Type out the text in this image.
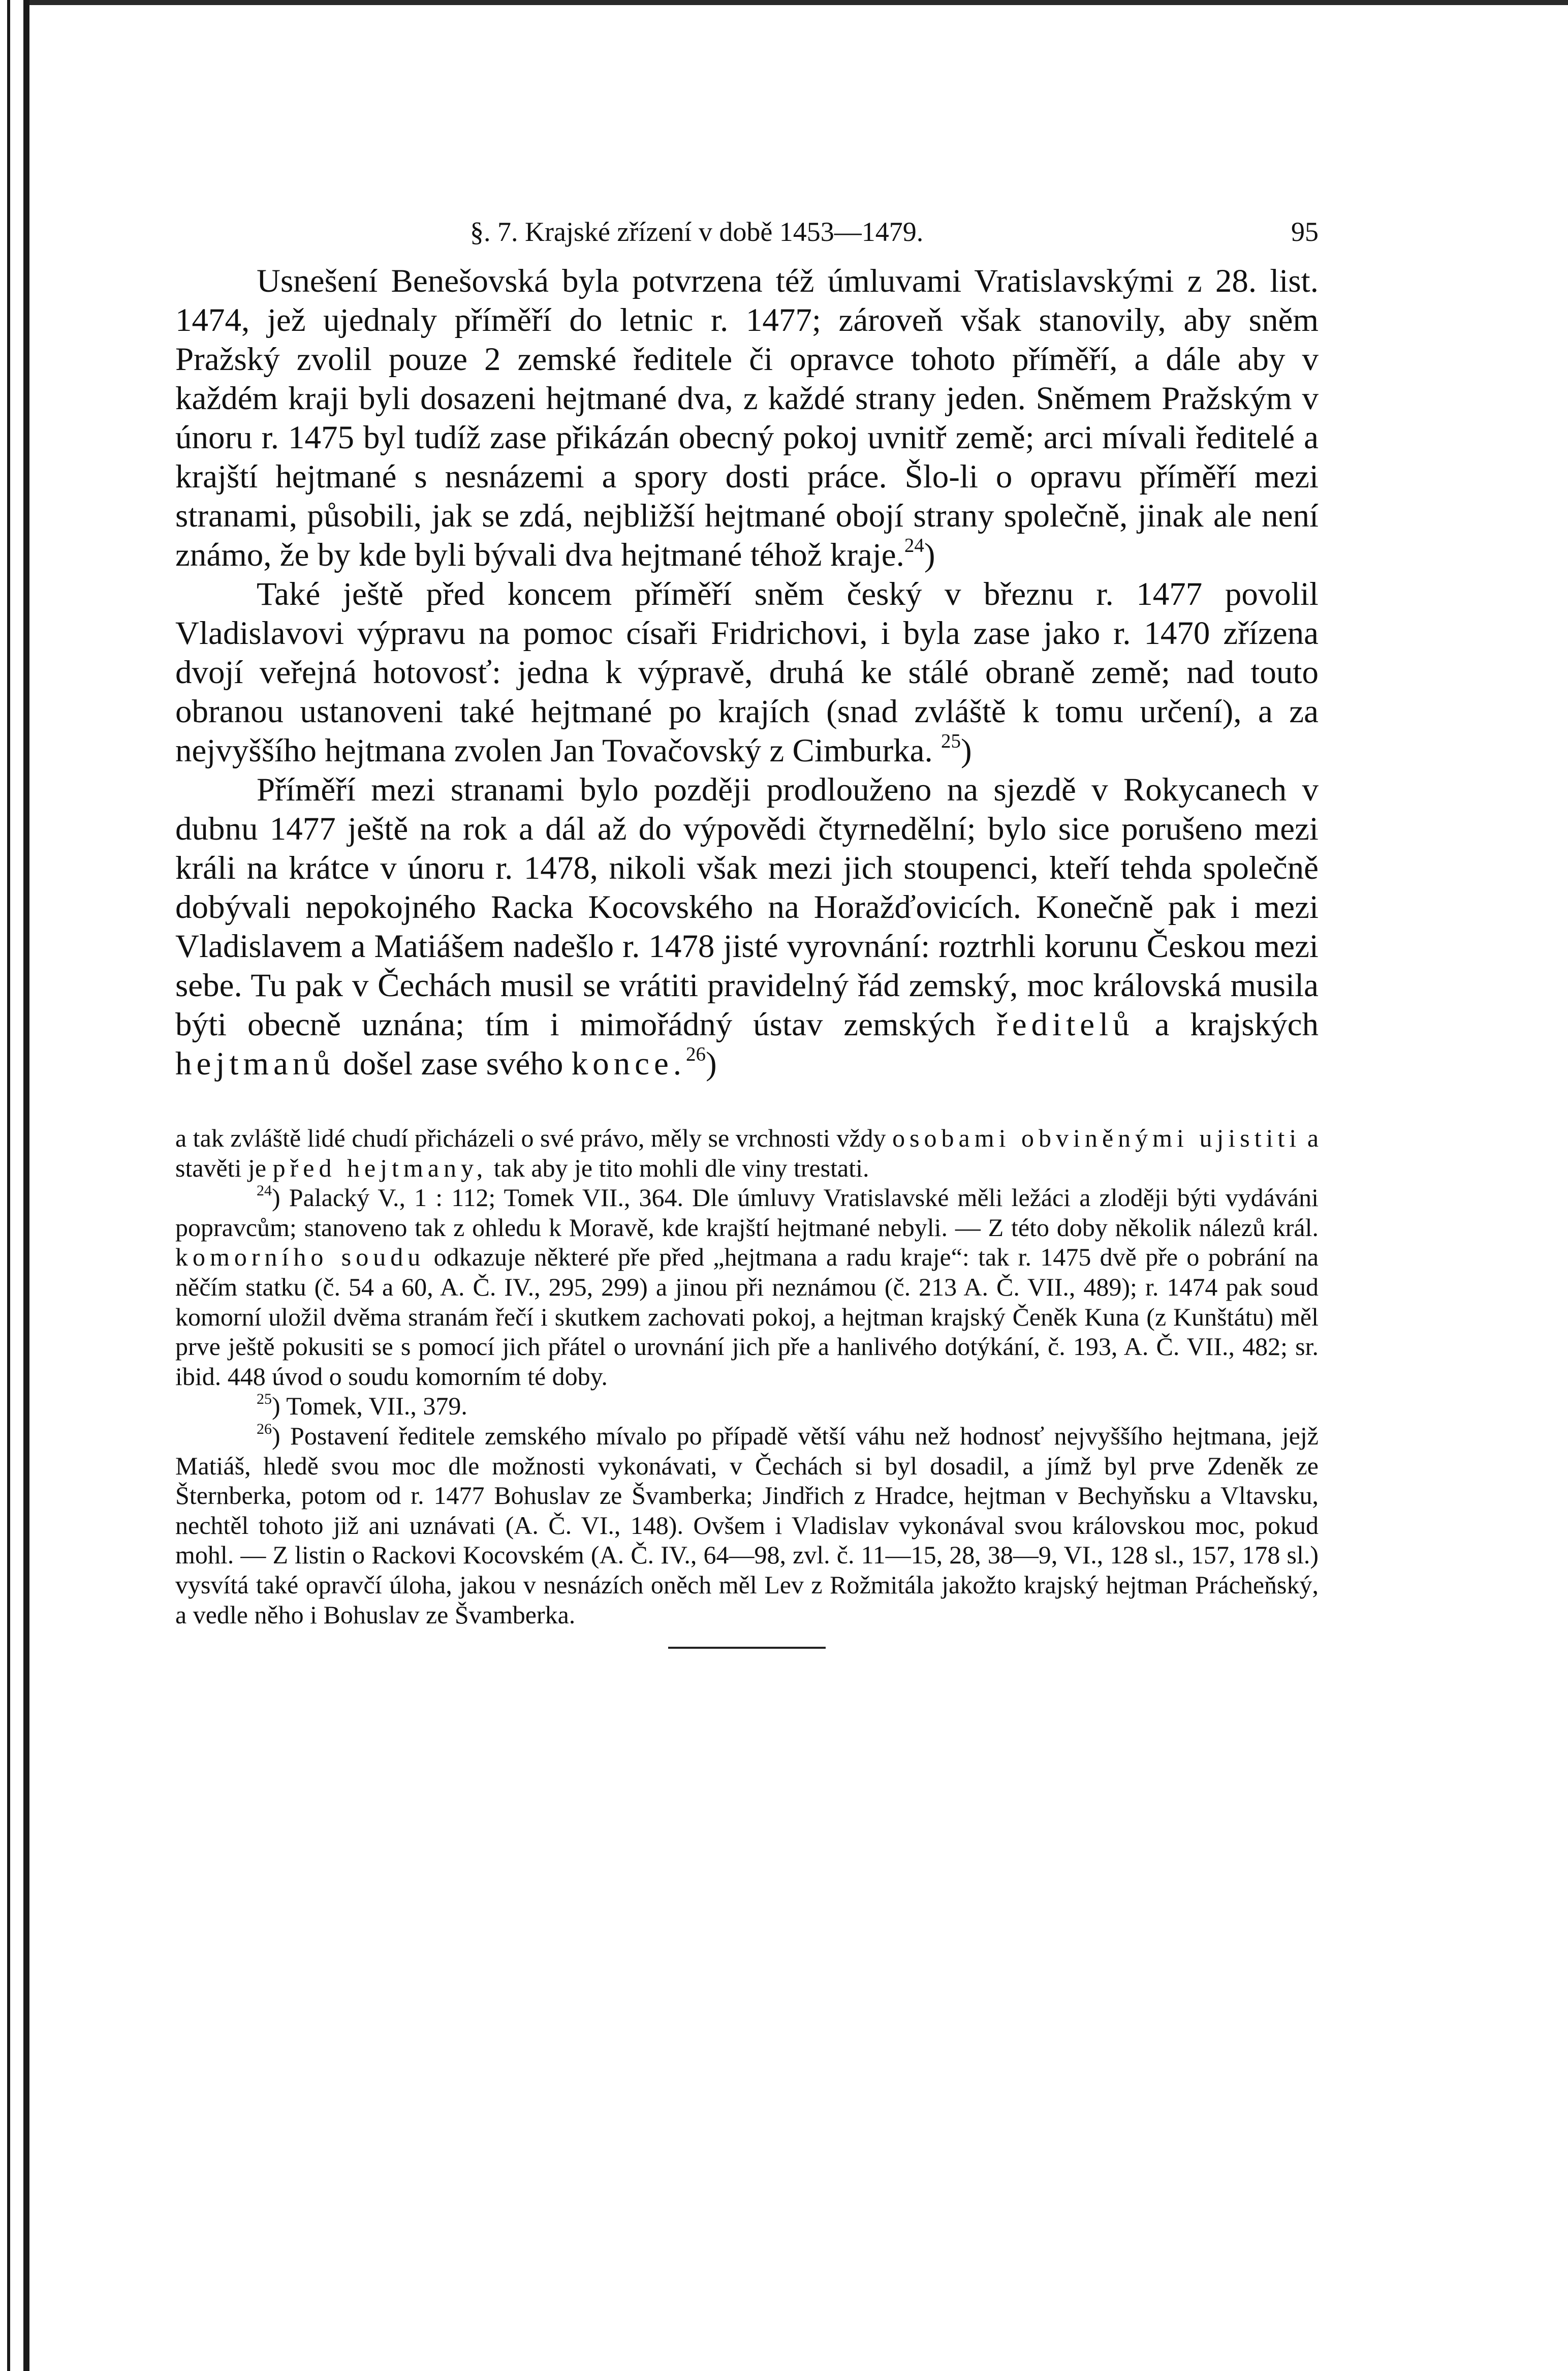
§. 7. Krajské zřízení v době 1453—1479.	95

Usnešení Benešovská byla potvrzena též úmluvami Vratislavskými z 28. list. 1474, jež ujednaly příměří do letnic r. 1477; zároveň však stanovily, aby sněm Pražský zvolil pouze 2 zemské ředitele či opravce tohoto příměří, a dále aby v každém kraji byli dosazeni hejtmané dva, z každé strany jeden. Sněmem Pražským v únoru r. 1475 byl tudíž zase přikázán obecný pokoj uvnitř země; arci mívali ředitelé a krajští hejtmané s nesnázemi a spory dosti práce. Šlo-li o opravu příměří mezi stranami, působili, jak se zdá, nejbližší hejtmané obojí strany společně, jinak ale není známo, že by kde byli bývali dva hejtmané téhož kraje.$^{24}$)

Také ještě před koncem příměří sněm český v březnu r. 1477 povolil Vladislavovi výpravu na pomoc císaři Fridrichovi, i byla zase jako r. 1470 zřízena dvojí veřejná hotovosť: jedna k výpravě, druhá ke stálé obraně země; nad touto obranou ustanoveni také hejtmané po krajích (snad zvláště k tomu určení), a za nejvyššího hejtmana zvolen Jan Tovačovský z Cimburka. $^{25}$)

Příměří mezi stranami bylo později prodlouženo na sjezdě v Rokycanech v dubnu 1477 ještě na rok a dál až do výpovědi čtyrnedělní; bylo sice porušeno mezi králi na krátce v únoru r. 1478, nikoli však mezi jich stoupenci, kteří tehda společně dobývali nepokojného Racka Kocovského na Horažďovicích. Konečně pak i mezi Vladislavem a Matiášem nadešlo r. 1478 jisté vyrovnání: roztrhli korunu Českou mezi sebe. Tu pak v Čechách musil se vrátiti pravidelný řád zemský, moc královská musila býti obecně uznána; tím i mimořádný ústav zemských ředitelů a krajských hejtmanů došel zase svého konce.$^{26}$)

a tak zvláště lidé chudí přicházeli o své právo, měly se vrchnosti vždy osobami obviněnými ujistiti a stavěti je před hejtmany, tak aby je tito mohli dle viny trestati.

$^{24}$) Palacký V., 1 : 112; Tomek VII., 364. Dle úmluvy Vratislavské měli ležáci a zloději býti vydáváni popravcům; stanoveno tak z ohledu k Moravě, kde krajští hejtmané nebyli. — Z této doby několik nálezů král. komorního soudu odkazuje některé pře před „hejtmana a radu kraje“: tak r. 1475 dvě pře o pobrání na něčím statku (č. 54 a 60, A. Č. IV., 295, 299) a jinou při neznámou (č. 213 A. Č. VII., 489); r. 1474 pak soud komorní uložil dvěma stranám řečí i skutkem zachovati pokoj, a hejtman krajský Čeněk Kuna (z Kunštátu) měl prve ještě pokusiti se s pomocí jich přátel o urovnání jich pře a hanlivého dotýkání, č. 193, A. Č. VII., 482; sr. ibid. 448 úvod o soudu komorním té doby.

$^{25}$) Tomek, VII., 379.

$^{26}$) Postavení ředitele zemského mívalo po případě větší váhu než hodnosť nejvyššího hejtmana, jejž Matiáš, hledě svou moc dle možnosti vykonávati, v Čechách si byl dosadil, a jímž byl prve Zdeněk ze Šternberka, potom od r. 1477 Bohuslav ze Švamberka; Jindřich z Hradce, hejtman v Bechyňsku a Vltavsku, nechtěl tohoto již ani uznávati (A. Č. VI., 148). Ovšem i Vladislav vykonával svou královskou moc, pokud mohl. — Z listin o Rackovi Kocovském (A. Č. IV., 64—98, zvl. č. 11—15, 28, 38—9, VI., 128 sl., 157, 178 sl.) vysvítá také opravčí úloha, jakou v nesnázích oněch měl Lev z Rožmitála jakožto krajský hejtman Prácheňský, a vedle něho i Bohuslav ze Švamberka.
